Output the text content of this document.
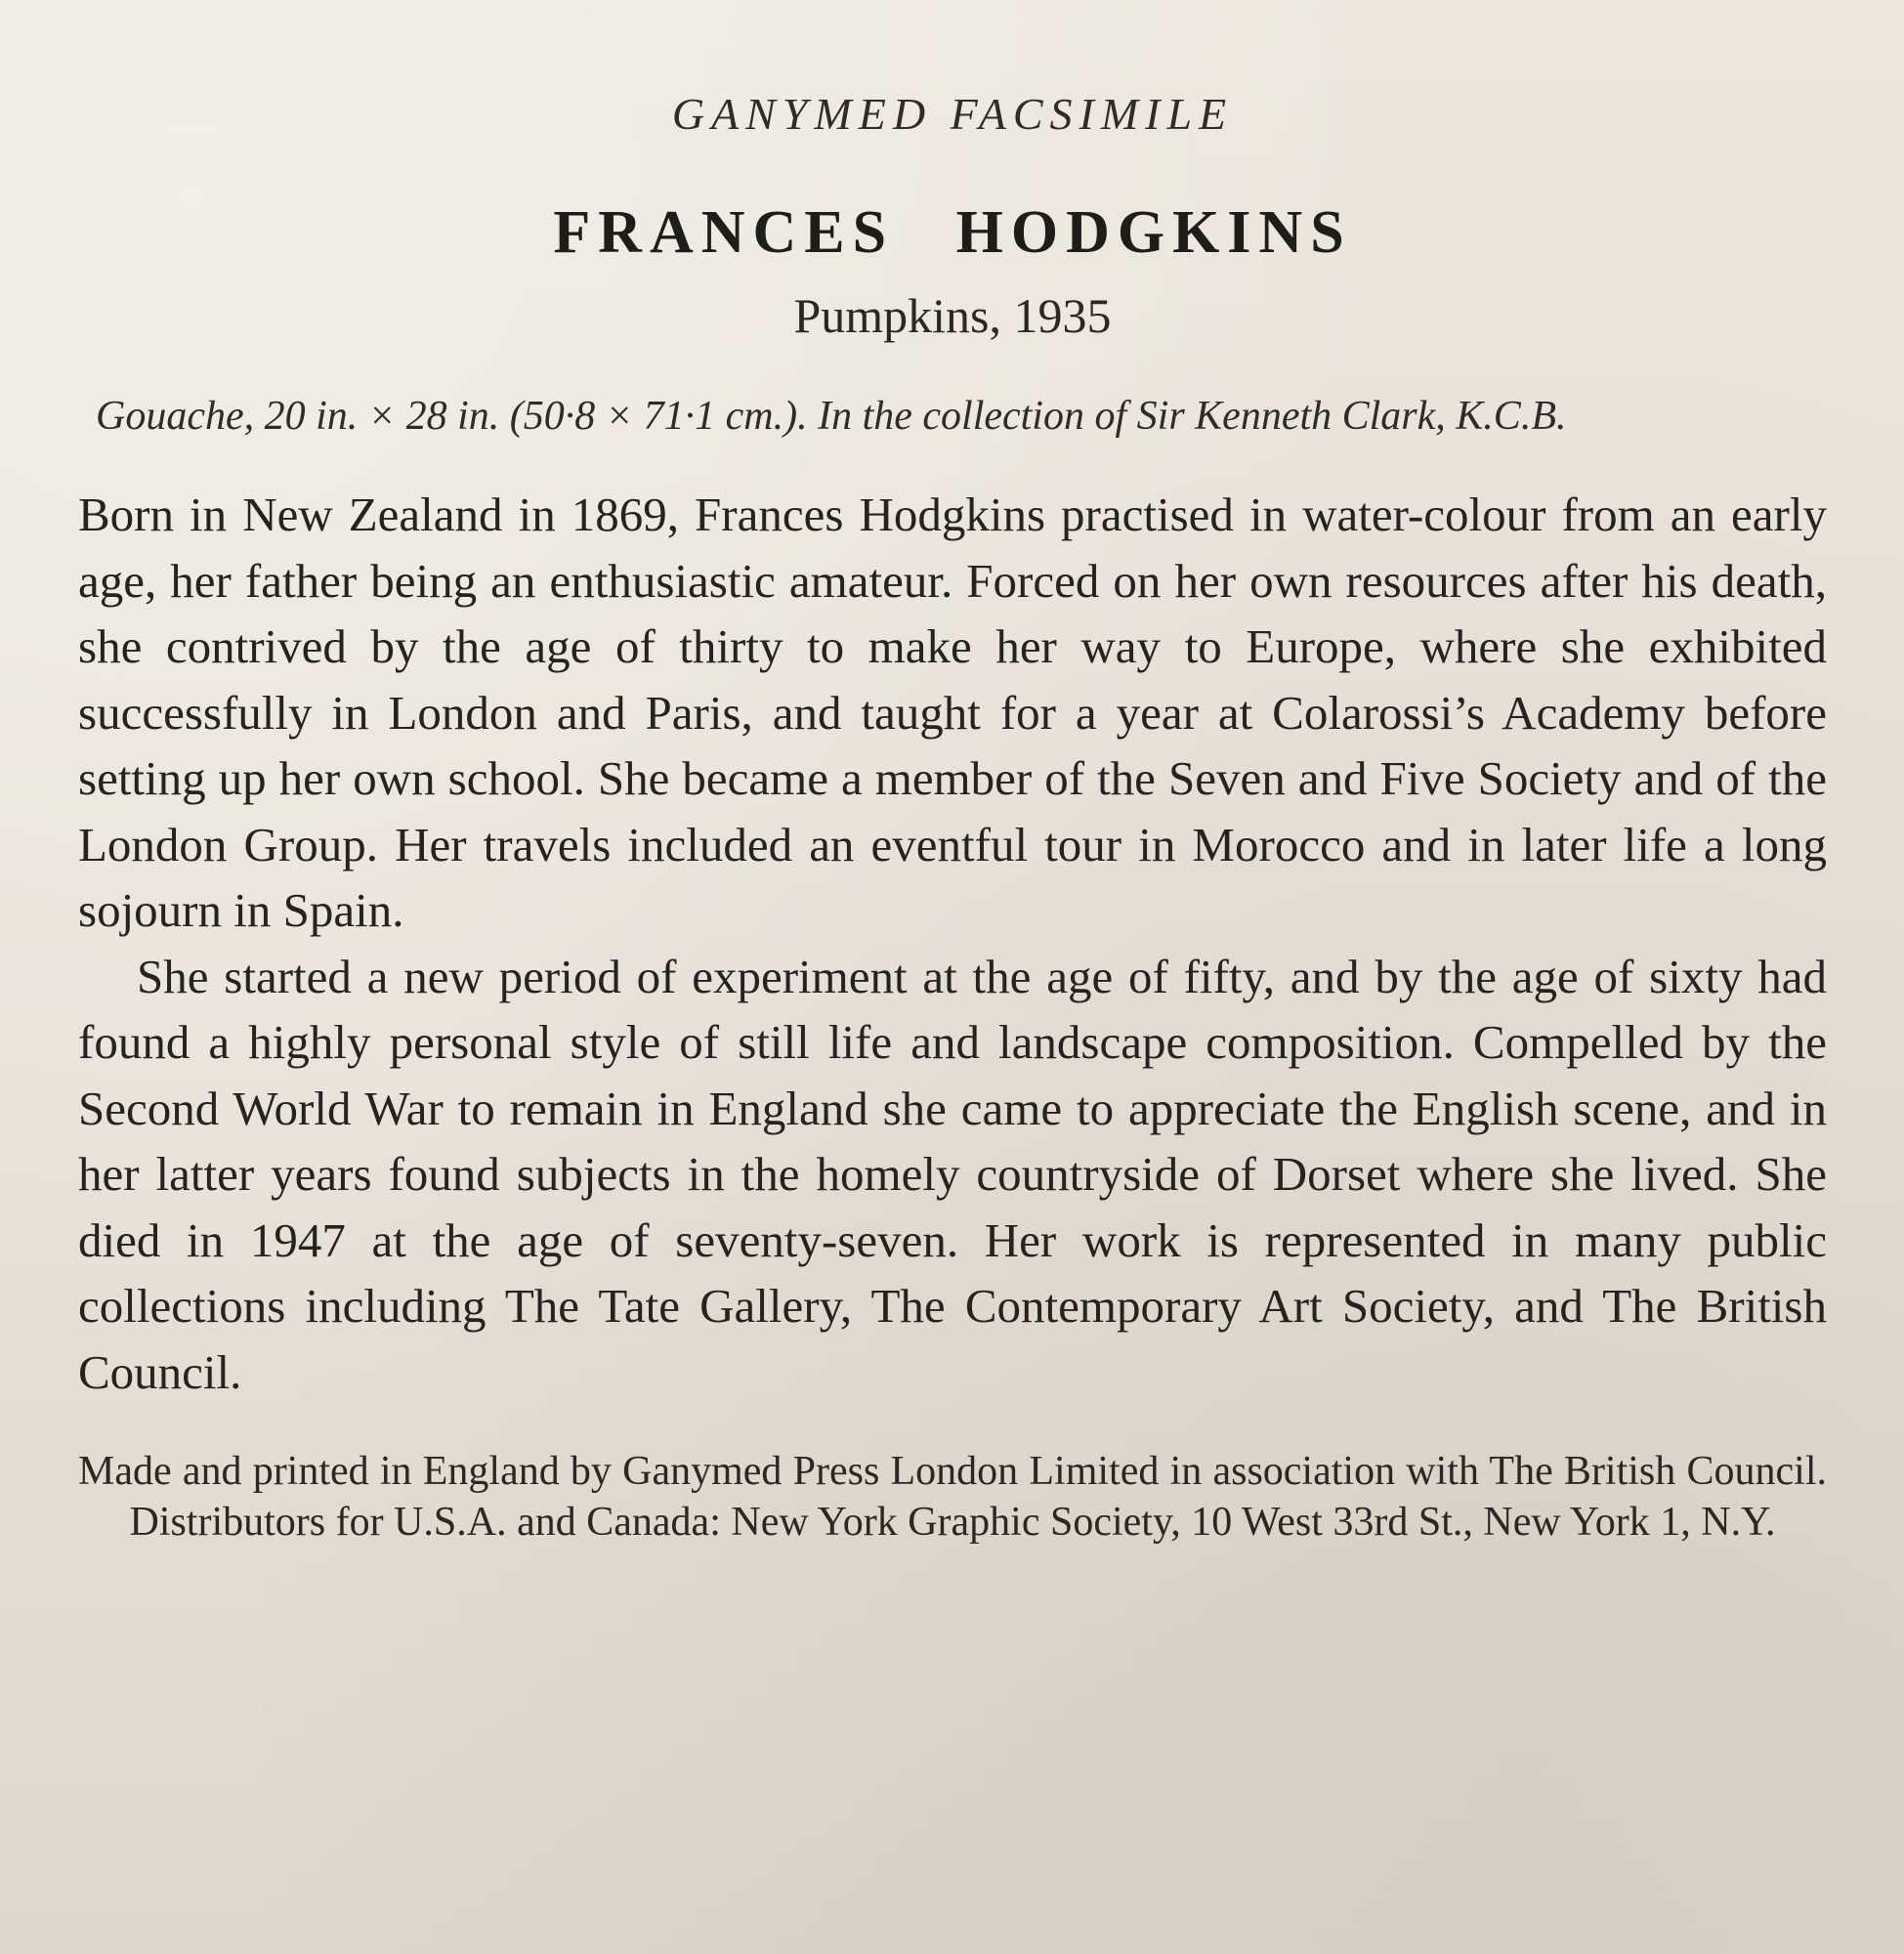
GANYMED FACSIMILE
FRANCES HODGKINS
Pumpkins, 1935
Gouache, 20 in. × 28 in. (50·8 × 71·1 cm.). In the collection of Sir Kenneth Clark, K.C.B.

Born in New Zealand in 1869, Frances Hodgkins practised in water-colour from an early age, her father being an enthusiastic amateur. Forced on her own resources after his death, she contrived by the age of thirty to make her way to Europe, where she exhibited successfully in London and Paris, and taught for a year at Colarossi’s Academy before setting up her own school. She became a member of the Seven and Five Society and of the London Group. Her travels included an eventful tour in Morocco and in later life a long sojourn in Spain.

She started a new period of experiment at the age of fifty, and by the age of sixty had found a highly personal style of still life and landscape composition. Compelled by the Second World War to remain in England she came to appreciate the English scene, and in her latter years found subjects in the homely countryside of Dorset where she lived. She died in 1947 at the age of seventy-seven. Her work is represented in many public collections including The Tate Gallery, The Contemporary Art Society, and The British Council.

Made and printed in England by Ganymed Press London Limited in association with The British Council. Distributors for U.S.A. and Canada: New York Graphic Society, 10 West 33rd St., New York 1, N.Y.
